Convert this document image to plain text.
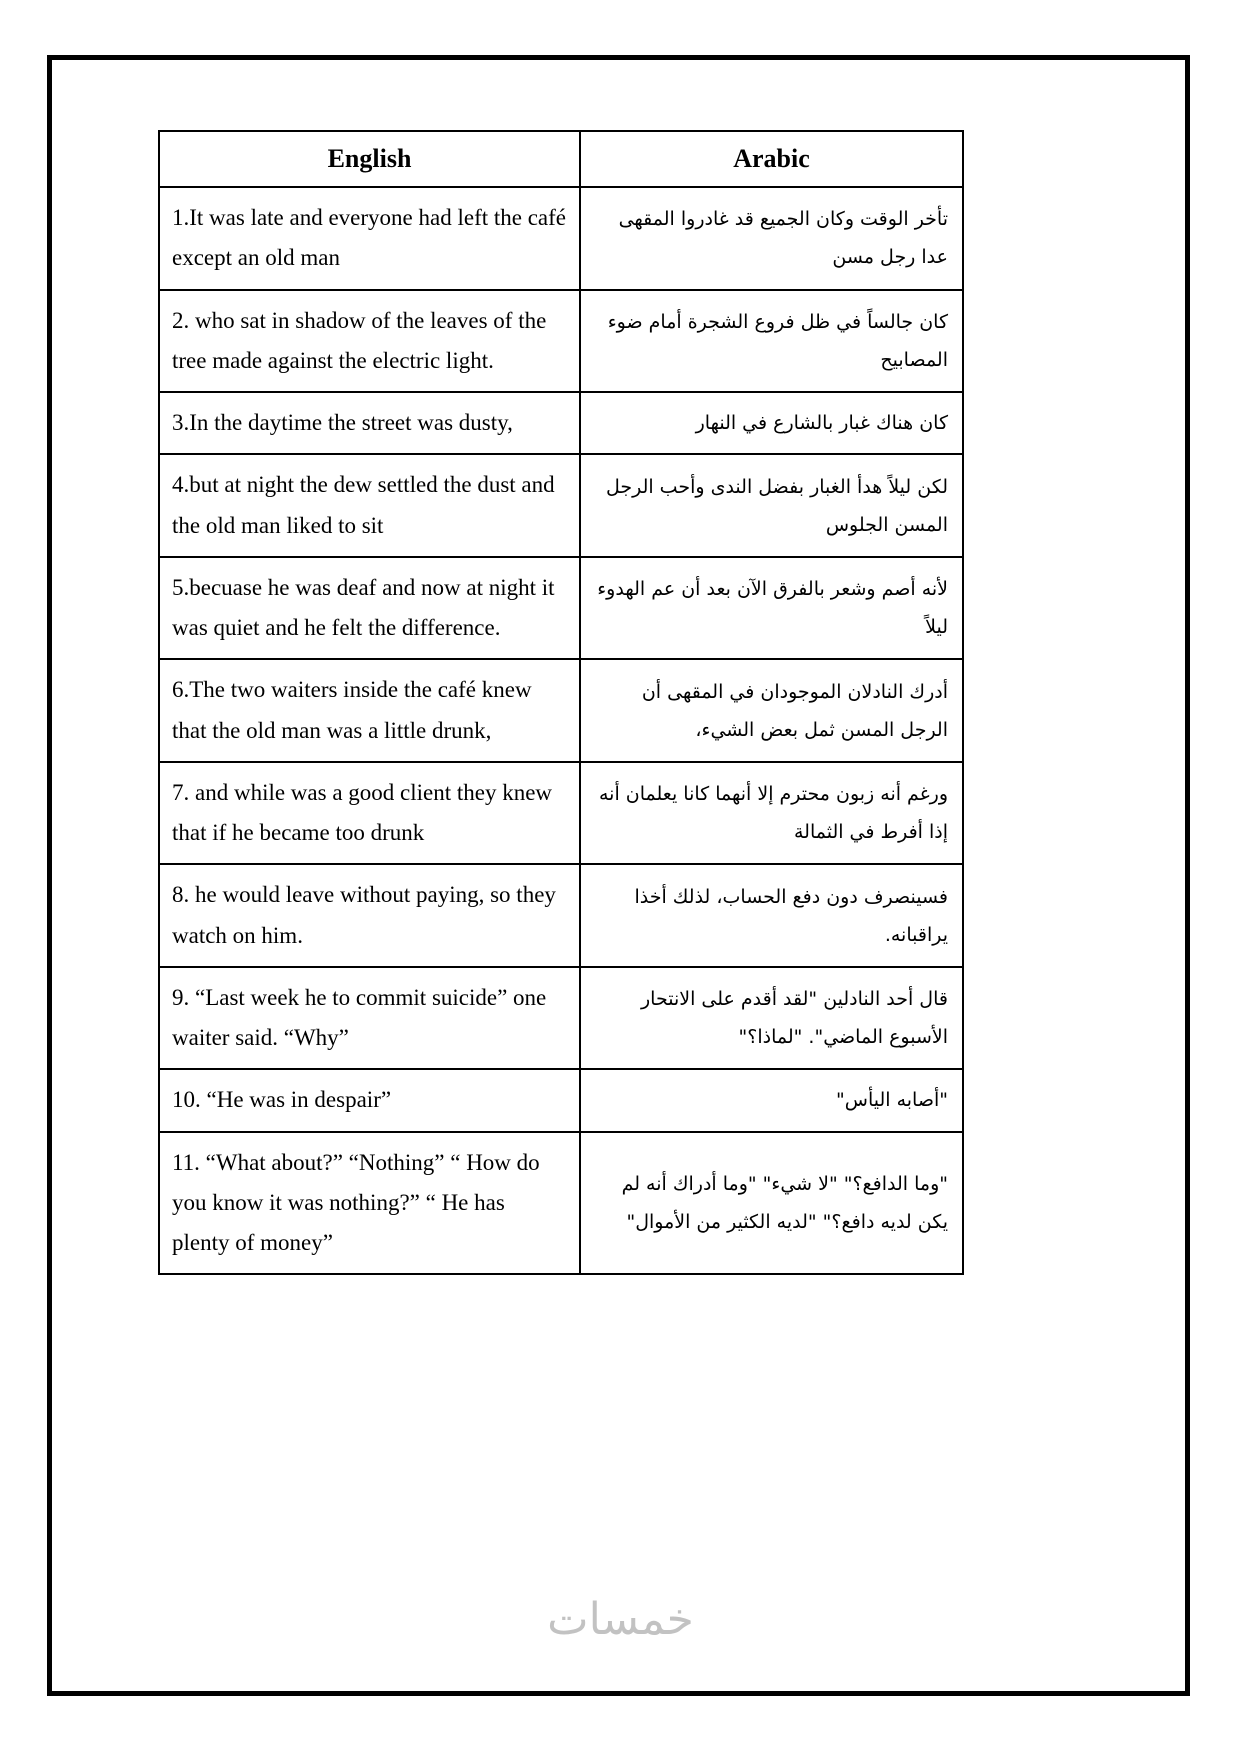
English	Arabic
1.It was late and everyone had left the café except an old man	تأخر الوقت وكان الجميع قد غادروا المقهى عدا رجل مسن
2. who sat in shadow of the leaves of the tree made against the electric light.	كان جالساً في ظل فروع الشجرة أمام ضوء المصابيح
3.In the daytime the street was dusty,	كان هناك غبار بالشارع في النهار
4.but at night the dew settled the dust and the old man liked to sit	لكن ليلاً هدأ الغبار بفضل الندى وأحب الرجل المسن الجلوس
5.becuase he was deaf and now at night it was quiet and he felt the difference.	لأنه أصم وشعر بالفرق الآن بعد أن عم الهدوء ليلاً
6.The two waiters inside the café knew that the old man was a little drunk,	أدرك النادلان الموجودان في المقهى أن الرجل المسن ثمل بعض الشيء،
7. and while was a good client they knew that if he became too drunk	ورغم أنه زبون محترم إلا أنهما كانا يعلمان أنه إذا أفرط في الثمالة
8. he would leave without paying, so they watch on him.	فسينصرف دون دفع الحساب، لذلك أخذا يراقبانه.
9. “Last week he to commit suicide” one waiter said. “Why”	قال أحد النادلين "لقد أقدم على الانتحار الأسبوع الماضي". "لماذا؟"
10. “He was in despair”	"أصابه اليأس"
11. “What about?” “Nothing” “ How do you know it was nothing?” “ He has plenty of money”	"وما الدافع؟" "لا شيء" "وما أدراك أنه لم يكن لديه دافع؟" "لديه الكثير من الأموال"
خمسات
